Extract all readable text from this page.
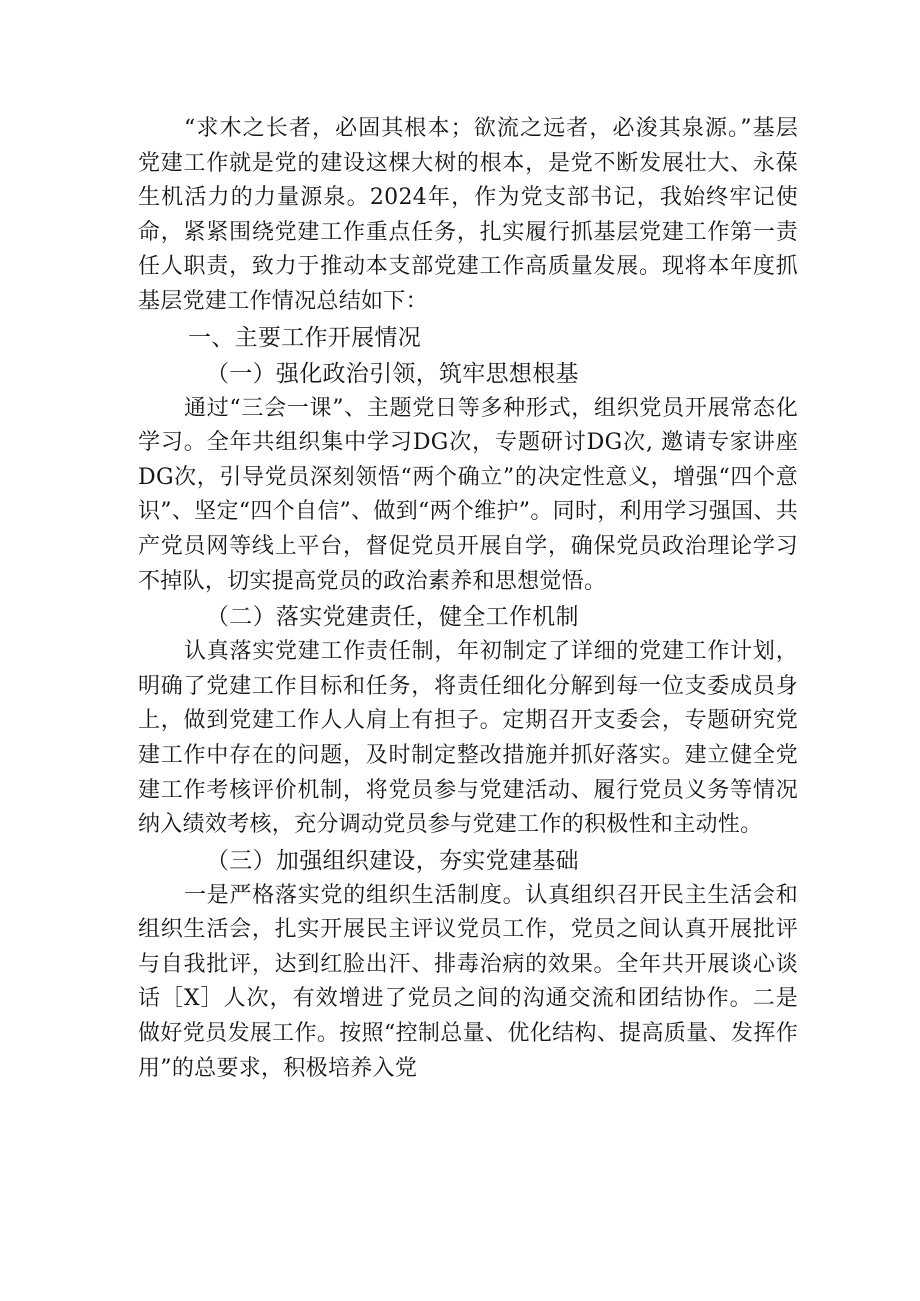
“求木之长者，必固其根本；欲流之远者，必浚其泉源。”基层党建工作就是党的建设这棵大树的根本，是党不断发展壮大、永葆生机活力的力量源泉。2024年，作为党支部书记，我始终牢记使命，紧紧围绕党建工作重点任务，扎实履行抓基层党建工作第一责任人职责，致力于推动本支部党建工作高质量发展。现将本年度抓基层党建工作情况总结如下：

一、主要工作开展情况

（一）强化政治引领，筑牢思想根基

通过“三会一课”、主题党日等多种形式，组织党员开展常态化学习。全年共组织集中学习DG次，专题研讨DG次, 邀请专家讲座DG次，引导党员深刻领悟“两个确立”的决定性意义，增强“四个意识”、坚定“四个自信”、做到“两个维护”。同时，利用学习强国、共产党员网等线上平台，督促党员开展自学，确保党员政治理论学习不掉队，切实提高党员的政治素养和思想觉悟。

（二）落实党建责任，健全工作机制

认真落实党建工作责任制，年初制定了详细的党建工作计划，明确了党建工作目标和任务，将责任细化分解到每一位支委成员身上，做到党建工作人人肩上有担子。定期召开支委会，专题研究党建工作中存在的问题，及时制定整改措施并抓好落实。建立健全党建工作考核评价机制，将党员参与党建活动、履行党员义务等情况纳入绩效考核，充分调动党员参与党建工作的积极性和主动性。

（三）加强组织建设，夯实党建基础

一是严格落实党的组织生活制度。认真组织召开民主生活会和组织生活会，扎实开展民主评议党员工作，党员之间认真开展批评与自我批评，达到红脸出汗、排毒治病的效果。全年共开展谈心谈话［X］人次，有效增进了党员之间的沟通交流和团结协作。二是做好党员发展工作。按照“控制总量、优化结构、提高质量、发挥作用”的总要求，积极培养入党
